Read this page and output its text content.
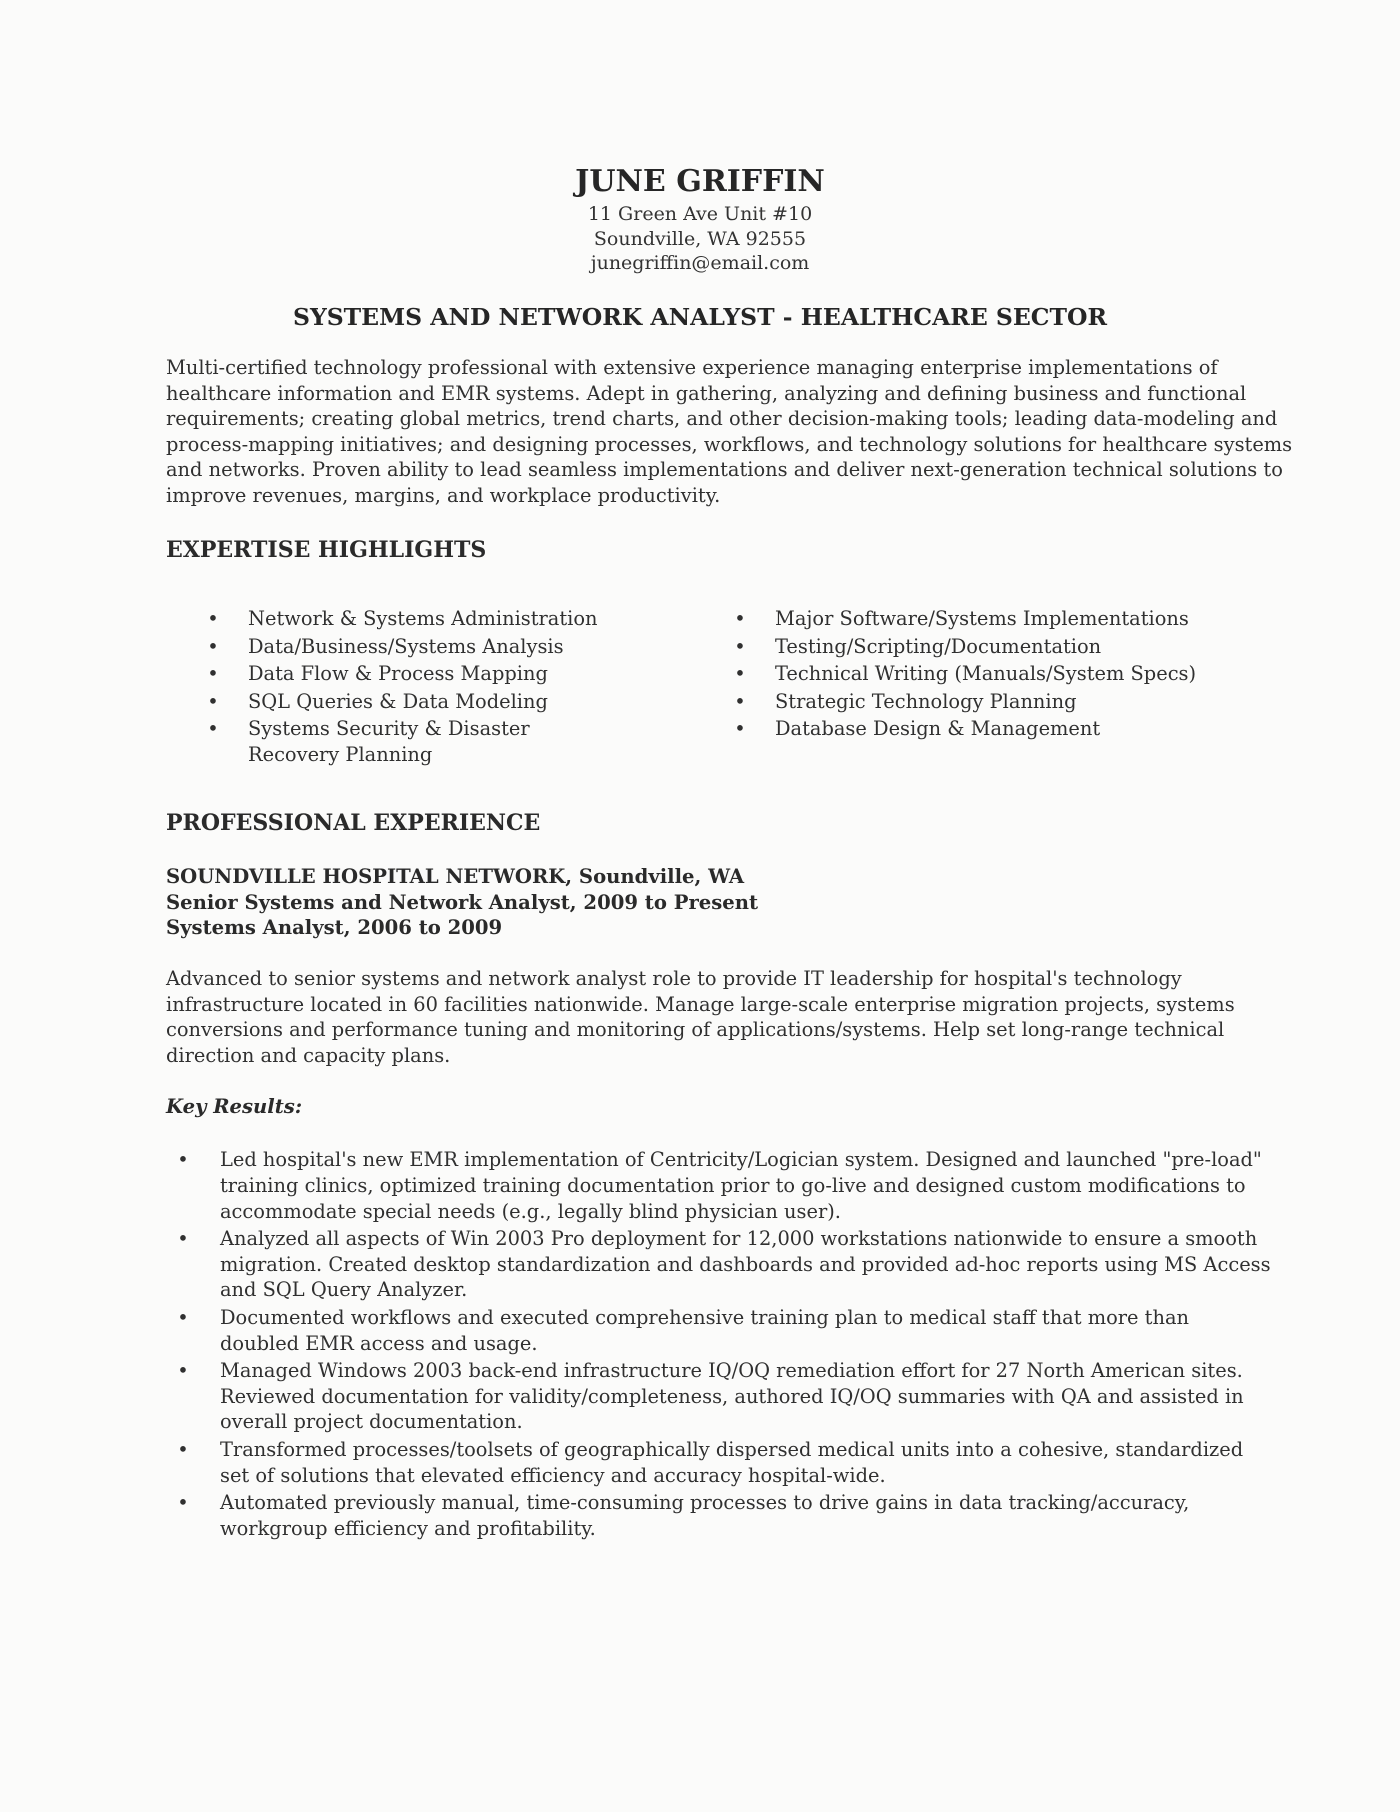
JUNE GRIFFIN
11 Green Ave Unit #10
Soundville, WA 92555
junegriffin@email.com
SYSTEMS AND NETWORK ANALYST - HEALTHCARE SECTOR
Multi-certified technology professional with extensive experience managing enterprise implementations of
healthcare information and EMR systems. Adept in gathering, analyzing and defining business and functional
requirements; creating global metrics, trend charts, and other decision-making tools; leading data-modeling and
process-mapping initiatives; and designing processes, workflows, and technology solutions for healthcare systems
and networks. Proven ability to lead seamless implementations and deliver next-generation technical solutions to
improve revenues, margins, and workplace productivity.
EXPERTISE HIGHLIGHTS
• Network & Systems Administration
• Data/Business/Systems Analysis
• Data Flow & Process Mapping
• SQL Queries & Data Modeling
• Systems Security & Disaster Recovery Planning
• Major Software/Systems Implementations
• Testing/Scripting/Documentation
• Technical Writing (Manuals/System Specs)
• Strategic Technology Planning
• Database Design & Management
PROFESSIONAL EXPERIENCE
SOUNDVILLE HOSPITAL NETWORK, Soundville, WA
Senior Systems and Network Analyst, 2009 to Present
Systems Analyst, 2006 to 2009
Advanced to senior systems and network analyst role to provide IT leadership for hospital's technology
infrastructure located in 60 facilities nationwide. Manage large-scale enterprise migration projects, systems
conversions and performance tuning and monitoring of applications/systems. Help set long-range technical
direction and capacity plans.
Key Results:
• Led hospital's new EMR implementation of Centricity/Logician system. Designed and launched "pre-load"
training clinics, optimized training documentation prior to go-live and designed custom modifications to
accommodate special needs (e.g., legally blind physician user).
• Analyzed all aspects of Win 2003 Pro deployment for 12,000 workstations nationwide to ensure a smooth
migration. Created desktop standardization and dashboards and provided ad-hoc reports using MS Access
and SQL Query Analyzer.
• Documented workflows and executed comprehensive training plan to medical staff that more than
doubled EMR access and usage.
• Managed Windows 2003 back-end infrastructure IQ/OQ remediation effort for 27 North American sites.
Reviewed documentation for validity/completeness, authored IQ/OQ summaries with QA and assisted in
overall project documentation.
• Transformed processes/toolsets of geographically dispersed medical units into a cohesive, standardized
set of solutions that elevated efficiency and accuracy hospital-wide.
• Automated previously manual, time-consuming processes to drive gains in data tracking/accuracy,
workgroup efficiency and profitability.
